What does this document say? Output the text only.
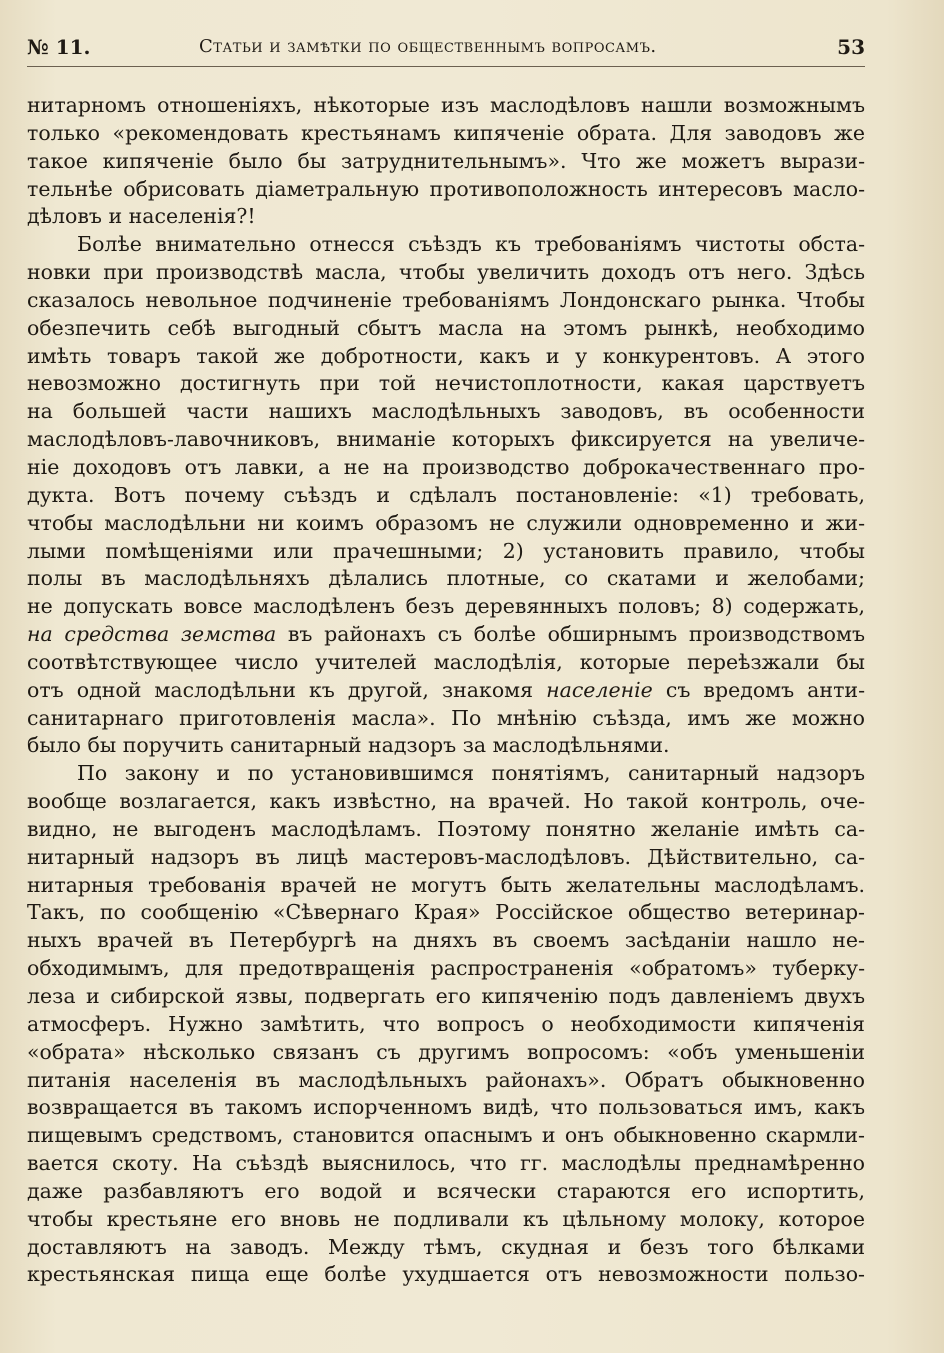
№ 11.	Статьи и замѣтки по общественнымъ вопросамъ.	53
нитарномъ отношеніяхъ, нѣкоторые изъ маслодѣловъ нашли возможнымъ
только «рекомендовать крестьянамъ кипяченіе обрата. Для заводовъ же
такое кипяченіе было бы затруднительнымъ». Что же можетъ вырази-
тельнѣе обрисовать діаметральную противоположность интересовъ масло-
дѣловъ и населенія?!
Болѣе внимательно отнесся съѣздъ къ требованіямъ чистоты обста-
новки при производствѣ масла, чтобы увеличить доходъ отъ него. Здѣсь
сказалось невольное подчиненіе требованіямъ Лондонскаго рынка. Чтобы
обезпечить себѣ выгодный сбытъ масла на этомъ рынкѣ, необходимо
имѣть товаръ такой же добротности, какъ и у конкурентовъ. А этого
невозможно достигнуть при той нечистоплотности, какая царствуетъ
на большей части нашихъ маслодѣльныхъ заводовъ, въ особенности
маслодѣловъ-лавочниковъ, вниманіе которыхъ фиксируется на увеличе-
ніе доходовъ отъ лавки, а не на производство доброкачественнаго про-
дукта. Вотъ почему съѣздъ и сдѣлалъ постановленіе: «1) требовать,
чтобы маслодѣльни ни коимъ образомъ не служили одновременно и жи-
лыми помѣщеніями или прачешными; 2) установить правило, чтобы
полы въ маслодѣльняхъ дѣлались плотные, со скатами и желобами;
не допускать вовсе маслодѣленъ безъ деревянныхъ половъ; 8) содержать,
на средства земства въ районахъ съ болѣе обширнымъ производствомъ
соотвѣтствующее число учителей маслодѣлія, которые переѣзжали бы
отъ одной маслодѣльни къ другой, знакомя населеніе съ вредомъ анти-
санитарнаго приготовленія масла». По мнѣнію съѣзда, имъ же можно
было бы поручить санитарный надзоръ за маслодѣльнями.
По закону и по установившимся понятіямъ, санитарный надзоръ
вообще возлагается, какъ извѣстно, на врачей. Но такой контроль, оче-
видно, не выгоденъ маслодѣламъ. Поэтому понятно желаніе имѣть са-
нитарный надзоръ въ лицѣ мастеровъ-маслодѣловъ. Дѣйствительно, са-
нитарныя требованія врачей не могутъ быть желательны маслодѣламъ.
Такъ, по сообщенію «Сѣвернаго Края» Россійское общество ветеринар-
ныхъ врачей въ Петербургѣ на дняхъ въ своемъ засѣданіи нашло не-
обходимымъ, для предотвращенія распространенія «обратомъ» туберку-
леза и сибирской язвы, подвергать его кипяченію подъ давленіемъ двухъ
атмосферъ. Нужно замѣтить, что вопросъ о необходимости кипяченія
«обрата» нѣсколько связанъ съ другимъ вопросомъ: «объ уменьшеніи
питанія населенія въ маслодѣльныхъ районахъ». Обратъ обыкновенно
возвращается въ такомъ испорченномъ видѣ, что пользоваться имъ, какъ
пищевымъ средствомъ, становится опаснымъ и онъ обыкновенно скармли-
вается скоту. На съѣздѣ выяснилось, что гг. маслодѣлы преднамѣренно
даже разбавляютъ его водой и всячески стараются его испортить,
чтобы крестьяне его вновь не подливали къ цѣльному молоку, которое
доставляютъ на заводъ. Между тѣмъ, скудная и безъ того бѣлками
крестьянская пища еще болѣе ухудшается отъ невозможности пользо-
